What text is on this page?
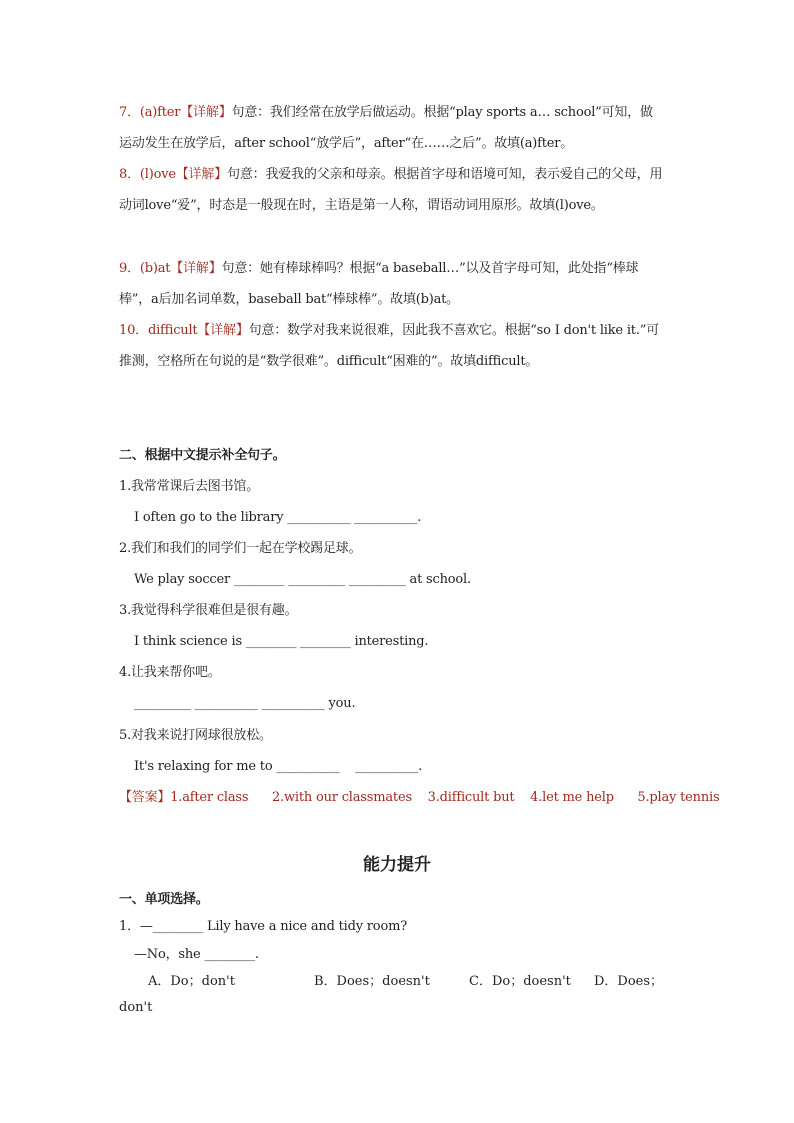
7．(a)fter【详解】句意：我们经常在放学后做运动。根据“play sports a… school”可知，做运动发生在放学后，after school“放学后”，after“在……之后”。故填(a)fter。

8．(l)ove【详解】句意：我爱我的父亲和母亲。根据首字母和语境可知，表示爱自己的父母，用动词love“爱”，时态是一般现在时，主语是第一人称，谓语动词用原形。故填(l)ove。

9．(b)at【详解】句意：她有棒球棒吗？根据“a baseball…”以及首字母可知，此处指“棒球棒”，a后加名词单数，baseball bat“棒球棒”。故填(b)at。

10．difficult【详解】句意：数学对我来说很难，因此我不喜欢它。根据“so I don't like it.”可推测，空格所在句说的是“数学很难”。difficult“困难的”。故填difficult。

二、根据中文提示补全句子。

1.我常常课后去图书馆。

I often go to the library __________ __________.

2.我们和我们的同学们一起在学校踢足球。

We play soccer ________ _________ _________ at school.

3.我觉得科学很难但是很有趣。

I think science is ________ ________ interesting.

4.让我来帮你吧。

_________ __________ __________ you.

5.对我来说打网球很放松。

It's relaxing for me to __________    __________.

【答案】1.after class      2.with our classmates    3.difficult but    4.let me help      5.play tennis

能力提升

一、单项选择。

1．—________ Lily have a nice and tidy room?

—No，she ________.

A．Do；don't	B．Does；doesn't	C．Do；doesn't D．Does；
don't
